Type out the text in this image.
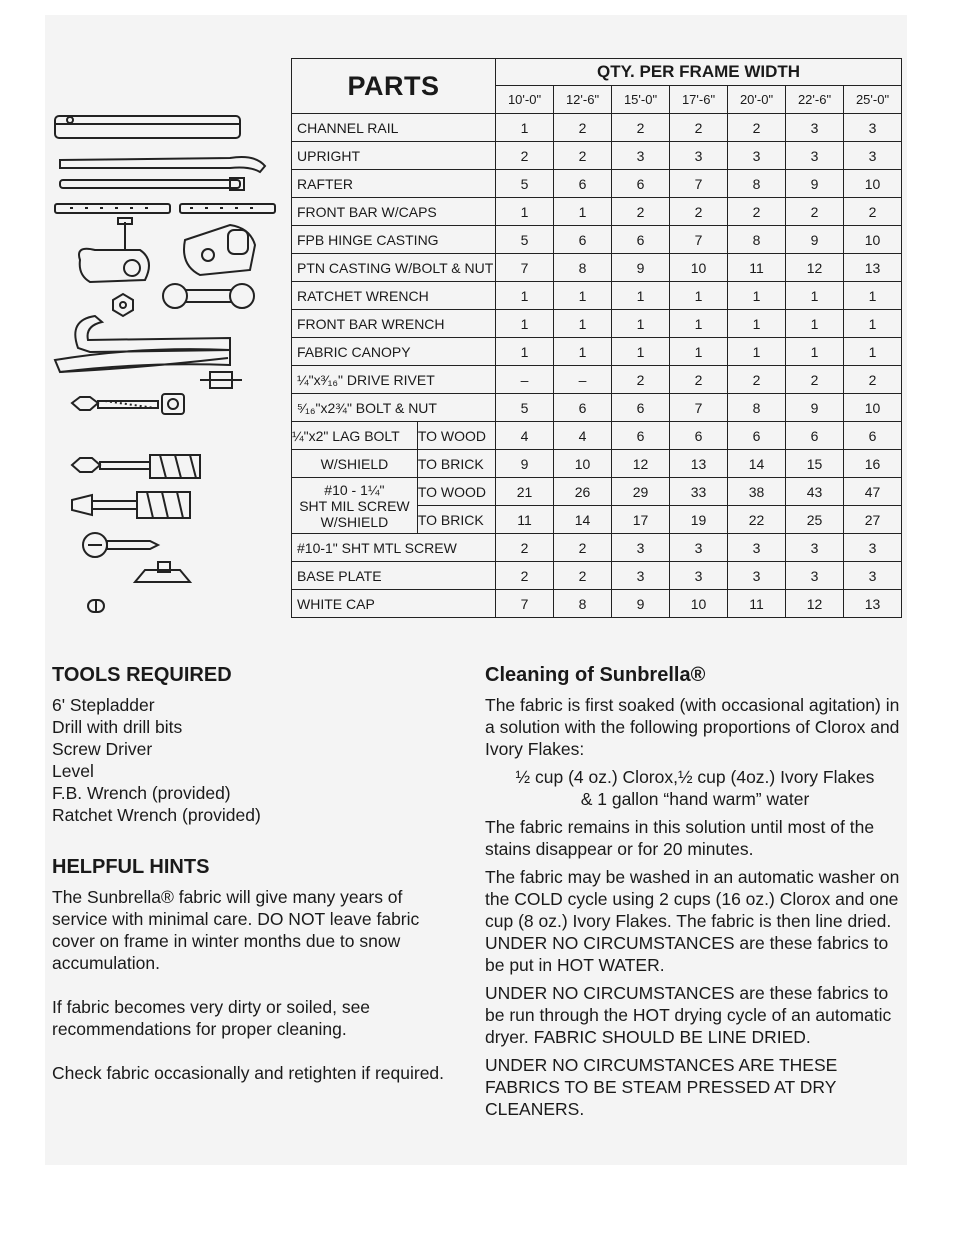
PARTS		QTY. PER FRAME WIDTH						
		10'-0"	12'-6"	15'-0"	17'-6"	20'-0"	22'-6"	25'-0"
CHANNEL RAIL		1	2	2	2	2	3	3
UPRIGHT		2	2	3	3	3	3	3
RAFTER		5	6	6	7	8	9	10
FRONT BAR W/CAPS		1	1	2	2	2	2	2
FPB HINGE CASTING		5	6	6	7	8	9	10
PTN CASTING W/BOLT & NUT		7	8	9	10	11	12	13
RATCHET WRENCH		1	1	1	1	1	1	1
FRONT BAR WRENCH		1	1	1	1	1	1	1
FABRIC CANOPY		1	1	1	1	1	1	1
¼"x³⁄₁₆" DRIVE RIVET		–	–	2	2	2	2	2
⁵⁄₁₆"x2¾" BOLT & NUT		5	6	6	7	8	9	10
¼"x2" LAG BOLT	TO WOOD	4	4	6	6	6	6	6
W/SHIELD	TO BRICK	9	10	12	13	14	15	16

#10 - 1¼"
SHT MIL SCREW
W/SHIELD	TO WOOD	21	26	29	33	38	43	47
	TO BRICK	11	14	17	19	22	25	27
#10-1" SHT MTL SCREW		2	2	3	3	3	3	3
BASE PLATE		2	2	3	3	3	3	3
WHITE CAP		7	8	9	10	11	12	13
TOOLS REQUIRED
6' Stepladder
Drill with drill bits
Screw Driver
Level
F.B. Wrench (provided)
Ratchet Wrench (provided)
HELPFUL HINTS

The Sunbrella® fabric will give many years of service with minimal care. DO NOT leave fabric cover on frame in winter months due to snow accumulation.

If fabric becomes very dirty or soiled, see recommendations for proper cleaning.

Check fabric occasionally and retighten if required.

Cleaning of Sunbrella®

The fabric is first soaked (with occasional agitation) in a solution with the following proportions of Clorox and Ivory Flakes:

½ cup (4 oz.) Clorox,½ cup (4oz.) Ivory Flakes
& 1 gallon “hand warm” water

The fabric remains in this solution until most of the stains disappear or for 20 minutes.

The fabric may be washed in an automatic washer on the COLD cycle using 2 cups (16 oz.) Clorox and one cup (8 oz.) Ivory Flakes. The fabric is then line dried. UNDER NO CIRCUMSTANCES are these fabrics to be put in HOT WATER.

UNDER NO CIRCUMSTANCES are these fabrics to be run through the HOT drying cycle of an automatic dryer. FABRIC SHOULD BE LINE DRIED.

UNDER NO CIRCUMSTANCES ARE THESE FABRICS TO BE STEAM PRESSED AT DRY CLEANERS.
